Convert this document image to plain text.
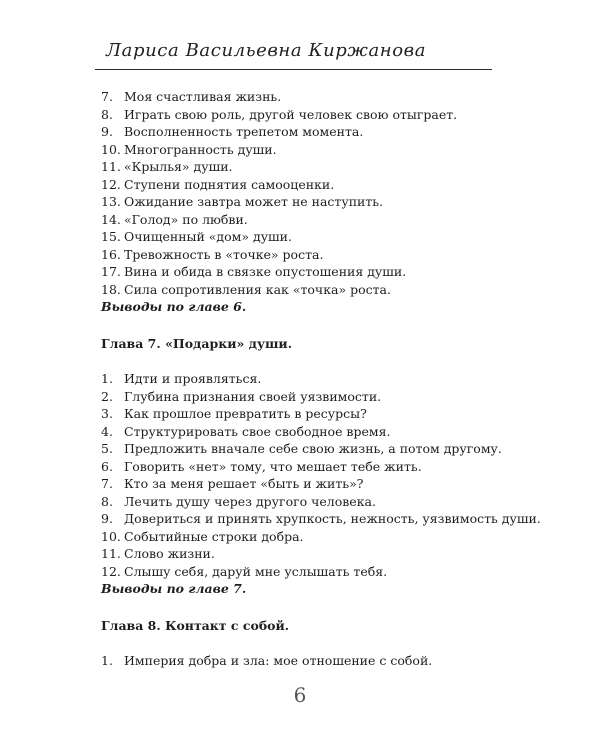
Лариса Васильевна Киржанова
7. Моя счастливая жизнь.
8. Играть свою роль, другой человек свою отыграет.
9. Восполненность трепетом момента.
10. Многогранность души.
11. «Крылья» души.
12. Ступени поднятия самооценки.
13. Ожидание завтра может не наступить.
14. «Голод» по любви.
15. Очищенный «дом» души.
16. Тревожность в «точке» роста.
17. Вина и обида в связке опустошения души.
18. Сила сопротивления как «точка» роста.
Выводы по главе 6.
Глава 7. «Подарки» души.
1. Идти и проявляться.
2. Глубина признания своей уязвимости.
3. Как прошлое превратить в ресурсы?
4. Структурировать свое свободное время.
5. Предложить вначале себе свою жизнь, а потом другому.
6. Говорить «нет» тому, что мешает тебе жить.
7. Кто за меня решает «быть и жить»?
8. Лечить душу через другого человека.
9. Довериться и принять хрупкость, нежность, уязвимость души.
10. Событийные строки добра.
11. Слово жизни.
12. Слышу себя, даруй мне услышать тебя.
Выводы по главе 7.
Глава 8. Контакт с собой.
1. Империя добра и зла: мое отношение с собой.
6
